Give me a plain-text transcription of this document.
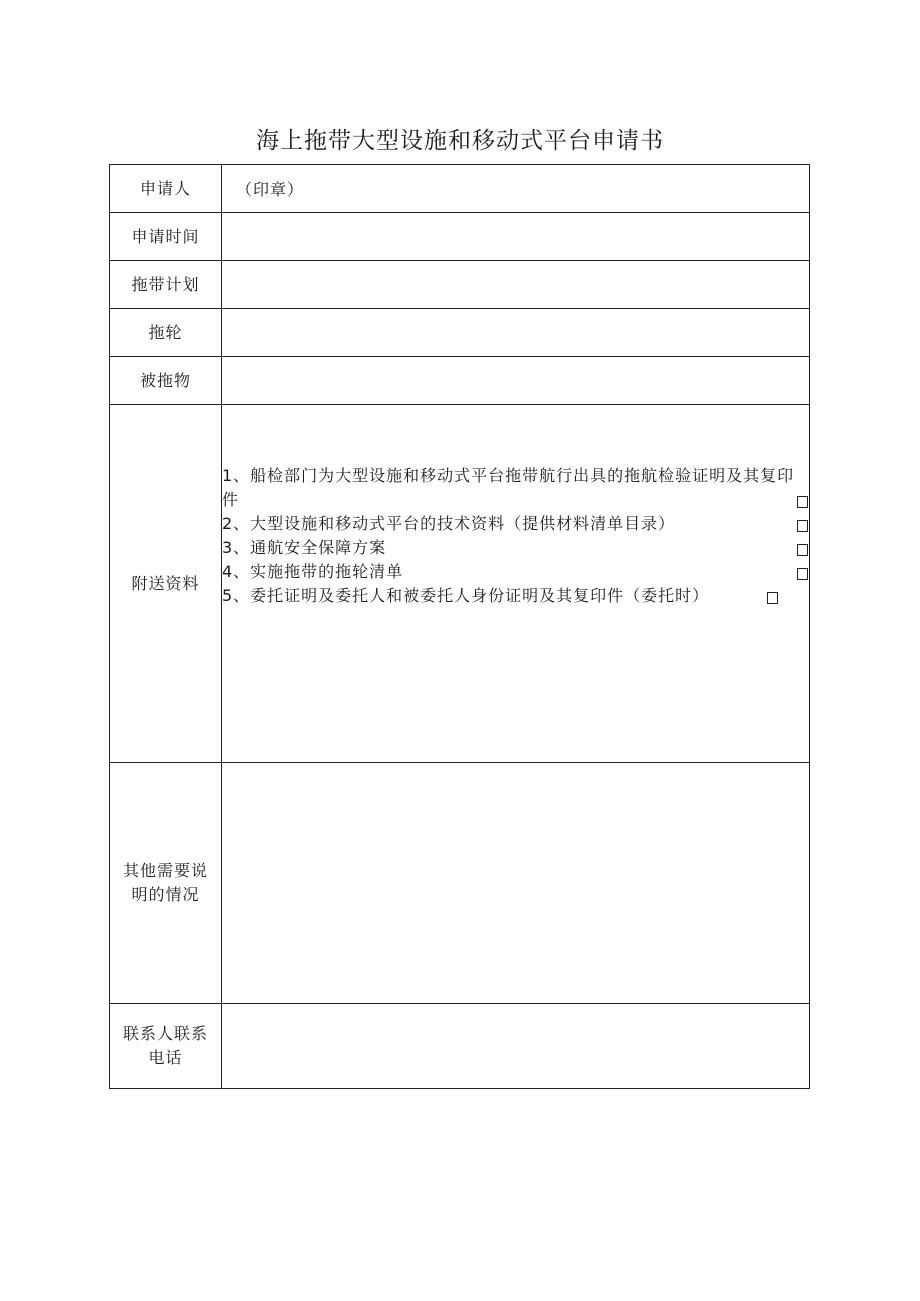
海上拖带大型设施和移动式平台申请书
申请人	（印章）
申请时间
拖带计划
拖轮
被拖物
附送资料
1、船检部门为大型设施和移动式平台拖带航行出具的拖航检验证明及其复印件
2、大型设施和移动式平台的技术资料（提供材料清单目录）
3、通航安全保障方案
4、实施拖带的拖轮清单
5、委托证明及委托人和被委托人身份证明及其复印件（委托时）
其他需要说明的情况
联系人联系电话
